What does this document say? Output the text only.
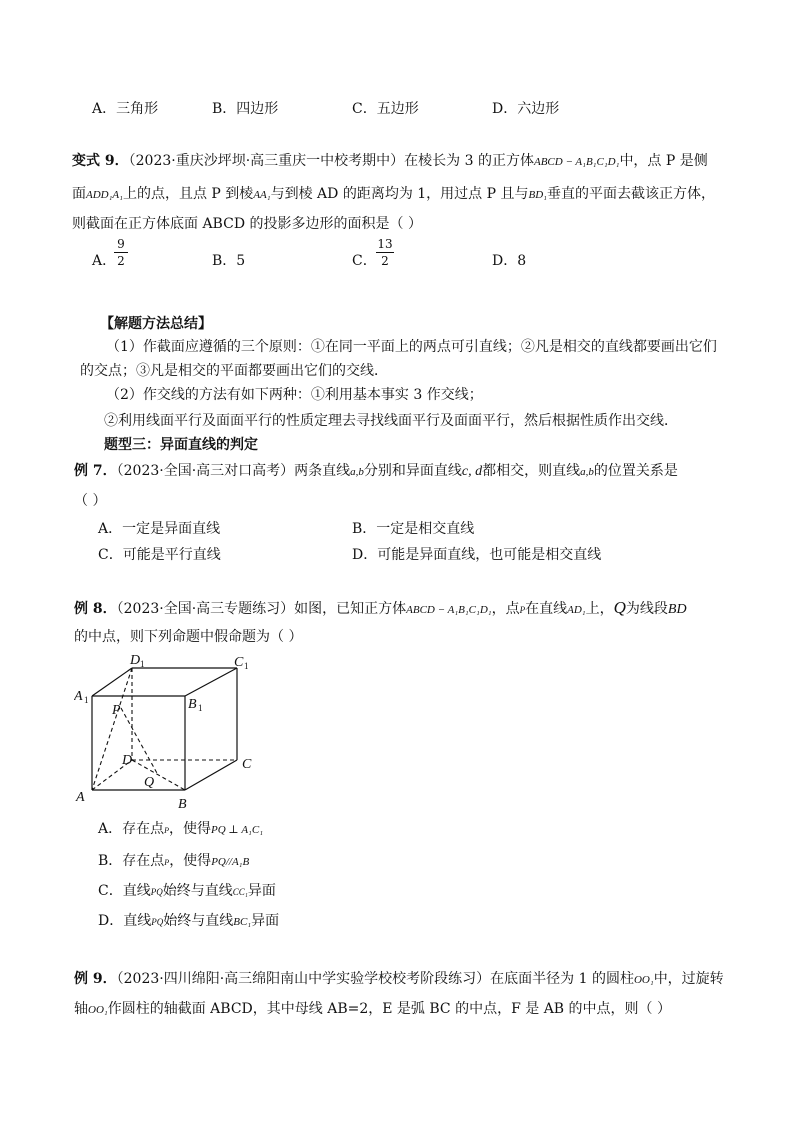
A．三角形	B．四边形	C．五边形	D．六边形
变式 9．（2023·重庆沙坪坝·高三重庆一中校考期中）在棱长为 3 的正方体ABCD − A₁B₁C₁D₁中，点 P 是侧
面ADD₁A₁上的点，且点 P 到棱AA₁与到棱 AD 的距离均为 1，用过点 P 且与BD₁垂直的平面去截该正方体，
则截面在正方体底面 ABCD 的投影多边形的面积是（ ）
A．
9
2	B．5	C．
13
2	D．8
【解题方法总结】
（1）作截面应遵循的三个原则：①在同一平面上的两点可引直线；②凡是相交的直线都要画出它们
的交点；③凡是相交的平面都要画出它们的交线．
（2）作交线的方法有如下两种：①利用基本事实 3 作交线；
②利用线面平行及面面平行的性质定理去寻找线面平行及面面平行，然后根据性质作出交线．
题型三：异面直线的判定
例 7．（2023·全国·高三对口高考）两条直线a,b分别和异面直线c, d都相交，则直线a,b的位置关系是
（ ）
A．一定是异面直线	B．一定是相交直线
C．可能是平行直线	D．可能是异面直线，也可能是相交直线
例 8．（2023·全国·高三专题练习）如图，已知正方体ABCD − A₁B₁C₁D₁，点P在直线AD₁上，Q为线段BD
的中点，则下列命题中假命题为（ ）
A	B
C
D
A 1	B 1
C 1
D 1
P
Q
A．存在点P，使得PQ ⊥ A₁C₁
B．存在点P，使得PQ//A₁B
C．直线PQ始终与直线CC₁异面
D．直线PQ始终与直线BC₁异面
例 9．（2023·四川绵阳·高三绵阳南山中学实验学校校考阶段练习）在底面半径为 1 的圆柱OO₁中，过旋转
轴OO₁作圆柱的轴截面 ABCD，其中母线 AB=2，E 是弧 BC 的中点，F 是 AB 的中点，则（ ）
